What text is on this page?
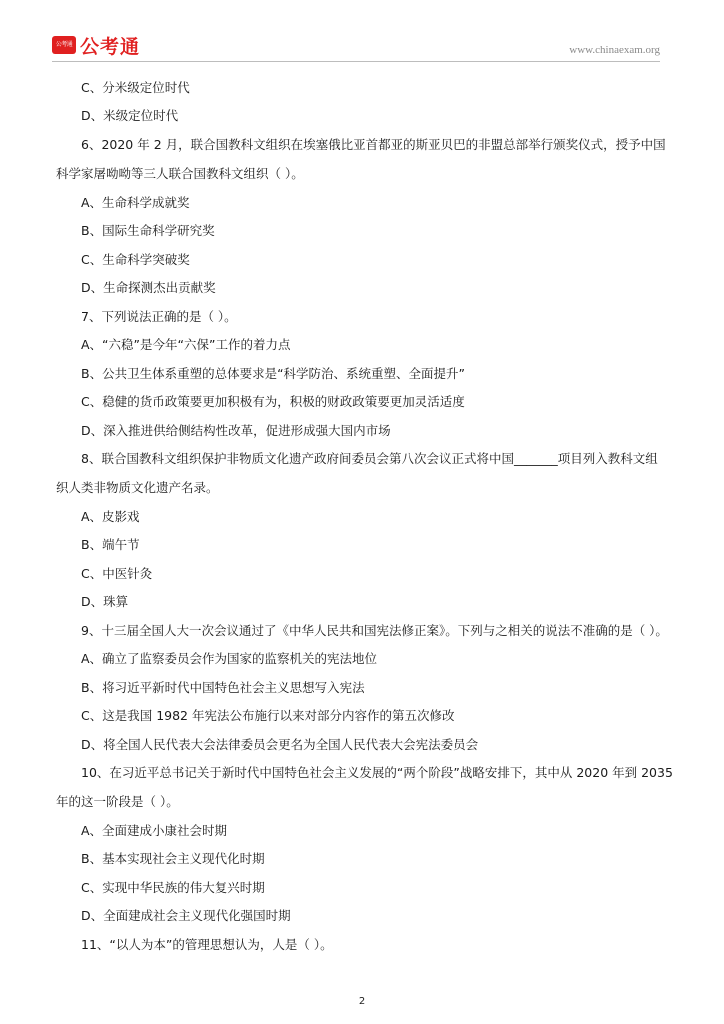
公考通 公考通	www.chinaexam.org
C、分米级定位时代
D、米级定位时代
6、2020 年 2 月，联合国教科文组织在埃塞俄比亚首都亚的斯亚贝巴的非盟总部举行颁奖仪式，授予中国
科学家屠呦呦等三人联合国教科文组织（ ）。
A、生命科学成就奖
B、国际生命科学研究奖
C、生命科学突破奖
D、生命探测杰出贡献奖
7、下列说法正确的是（ ）。
A、“六稳”是今年“六保”工作的着力点
B、公共卫生体系重塑的总体要求是“科学防治、系统重塑、全面提升”
C、稳健的货币政策要更加积极有为，积极的财政政策要更加灵活适度
D、深入推进供给侧结构性改革，促进形成强大国内市场
8、联合国教科文组织保护非物质文化遗产政府间委员会第八次会议正式将中国_______项目列入教科文组
织人类非物质文化遗产名录。
A、皮影戏
B、端午节
C、中医针灸
D、珠算
9、十三届全国人大一次会议通过了《中华人民共和国宪法修正案》。下列与之相关的说法不准确的是（ ）。
A、确立了监察委员会作为国家的监察机关的宪法地位
B、将习近平新时代中国特色社会主义思想写入宪法
C、这是我国 1982 年宪法公布施行以来对部分内容作的第五次修改
D、将全国人民代表大会法律委员会更名为全国人民代表大会宪法委员会
10、在习近平总书记关于新时代中国特色社会主义发展的“两个阶段”战略安排下，其中从 2020 年到 2035
年的这一阶段是（ ）。
A、全面建成小康社会时期
B、基本实现社会主义现代化时期
C、实现中华民族的伟大复兴时期
D、全面建成社会主义现代化强国时期
11、“以人为本”的管理思想认为，人是（ ）。
2
